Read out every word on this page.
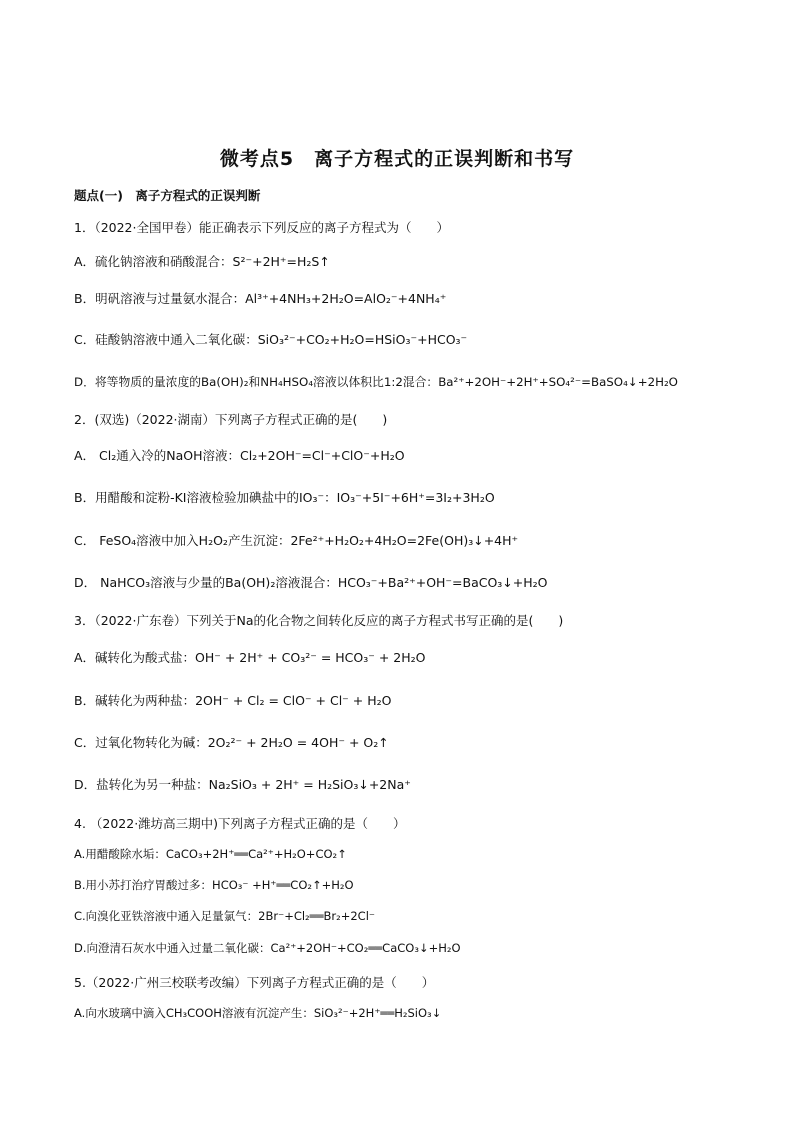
微考点5　离子方程式的正误判断和书写
题点(一)　离子方程式的正误判断
1．（2022·全国甲卷）能正确表示下列反应的离子方程式为（　　）
A．硫化钠溶液和硝酸混合：S²⁻+2H⁺=H₂S↑
B．明矾溶液与过量氨水混合：Al³⁺+4NH₃+2H₂O=AlO₂⁻+4NH₄⁺
C．硅酸钠溶液中通入二氧化碳：SiO₃²⁻+CO₂+H₂O=HSiO₃⁻+HCO₃⁻
D．将等物质的量浓度的Ba(OH)₂和NH₄HSO₄溶液以体积比1:2混合：Ba²⁺+2OH⁻+2H⁺+SO₄²⁻=BaSO₄↓+2H₂O
2．(双选)（2022·湖南）下列离子方程式正确的是(　　)
A． Cl₂通入冷的NaOH溶液：Cl₂+2OH⁻=Cl⁻+ClO⁻+H₂O
B．用醋酸和淀粉-KI溶液检验加碘盐中的IO₃⁻：IO₃⁻+5I⁻+6H⁺=3I₂+3H₂O
C． FeSO₄溶液中加入H₂O₂产生沉淀：2Fe²⁺+H₂O₂+4H₂O=2Fe(OH)₃↓+4H⁺
D． NaHCO₃溶液与少量的Ba(OH)₂溶液混合：HCO₃⁻+Ba²⁺+OH⁻=BaCO₃↓+H₂O
3．（2022·广东卷）下列关于Na的化合物之间转化反应的离子方程式书写正确的是(　　)
A．碱转化为酸式盐：OH⁻ + 2H⁺ + CO₃²⁻ = HCO₃⁻ + 2H₂O
B．碱转化为两种盐：2OH⁻ + Cl₂ = ClO⁻ + Cl⁻ + H₂O
C．过氧化物转化为碱：2O₂²⁻ + 2H₂O = 4OH⁻ + O₂↑
D．盐转化为另一种盐：Na₂SiO₃ + 2H⁺ = H₂SiO₃↓+2Na⁺
4. （2022·潍坊高三期中)下列离子方程式正确的是（　　）
A.用醋酸除水垢：CaCO₃+2H⁺══Ca²⁺+H₂O+CO₂↑
B.用小苏打治疗胃酸过多：HCO₃⁻ +H⁺══CO₂↑+H₂O
C.向溴化亚铁溶液中通入足量氯气：2Br⁻+Cl₂══Br₂+2Cl⁻
D.向澄清石灰水中通入过量二氧化碳：Ca²⁺+2OH⁻+CO₂══CaCO₃↓+H₂O
5.（2022·广州三校联考改编）下列离子方程式正确的是（　　）
A.向水玻璃中滴入CH₃COOH溶液有沉淀产生：SiO₃²⁻+2H⁺══H₂SiO₃↓
